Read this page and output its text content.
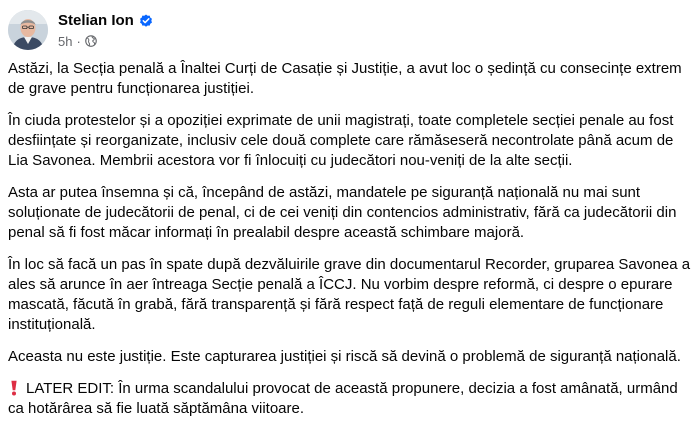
Stelian Ion
5h ·

Astăzi, la Secția penală a Înaltei Curți de Casație și Justiție, a avut loc o ședință cu consecințe extrem de grave pentru funcționarea justiției.

În ciuda protestelor și a opoziției exprimate de unii magistrați, toate completele secției penale au fost desființate și reorganizate, inclusiv cele două complete care rămăseseră necontrolate până acum de Lia Savonea. Membrii acestora vor fi înlocuiți cu judecători nou-veniți de la alte secții.

Asta ar putea însemna și că, începând de astăzi, mandatele pe siguranță națională nu mai sunt soluționate de judecătorii de penal, ci de cei veniți din contencios administrativ, fără ca judecătorii din penal să fi fost măcar informați în prealabil despre această schimbare majoră.

În loc să facă un pas în spate după dezvăluirile grave din documentarul Recorder, gruparea Savonea a ales să arunce în aer întreaga Secție penală a ÎCCJ. Nu vorbim despre reformă, ci despre o epurare mascată, făcută în grabă, fără transparență și fără respect față de reguli elementare de funcționare instituțională.

Aceasta nu este justiție. Este capturarea justiției și riscă să devină o problemă de siguranță națională.

LATER EDIT: În urma scandalului provocat de această propunere, decizia a fost amânată, urmând ca hotărârea să fie luată săptămâna viitoare.
